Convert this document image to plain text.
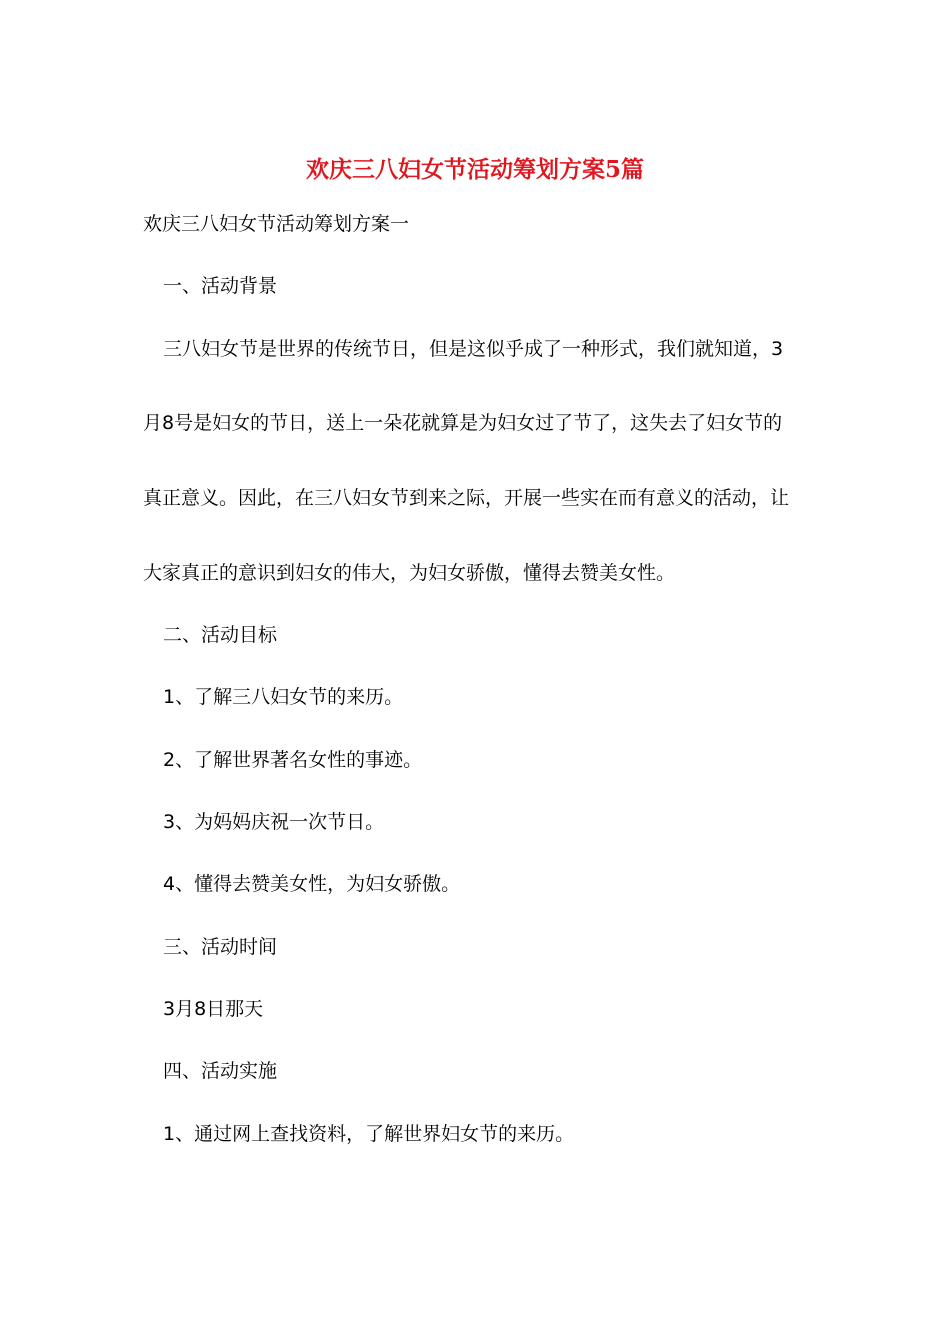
欢庆三八妇女节活动筹划方案5篇
欢庆三八妇女节活动筹划方案一
一、活动背景
三八妇女节是世界的传统节日，但是这似乎成了一种形式，我们就知道，3
月8号是妇女的节日，送上一朵花就算是为妇女过了节了，这失去了妇女节的
真正意义。因此，在三八妇女节到来之际，开展一些实在而有意义的活动，让
大家真正的意识到妇女的伟大，为妇女骄傲，懂得去赞美女性。
二、活动目标
1、了解三八妇女节的来历。
2、了解世界著名女性的事迹。
3、为妈妈庆祝一次节日。
4、懂得去赞美女性，为妇女骄傲。
三、活动时间
3月8日那天
四、活动实施
1、通过网上查找资料，了解世界妇女节的来历。
